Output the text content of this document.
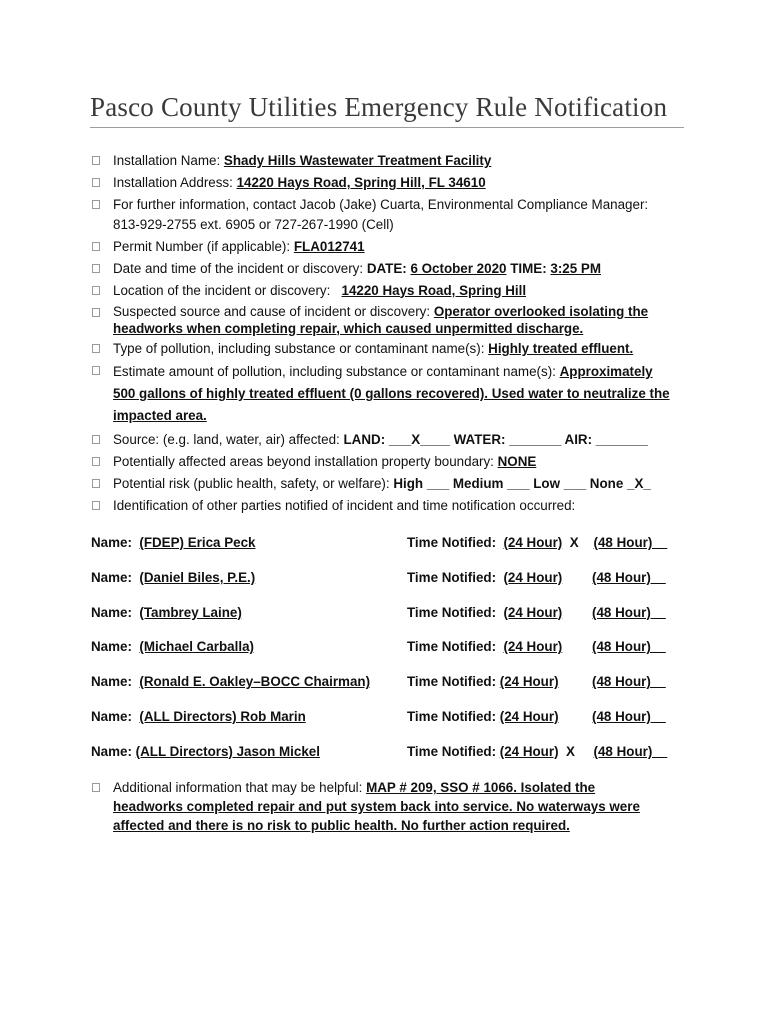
Pasco County Utilities Emergency Rule Notification
Installation Name: Shady Hills Wastewater Treatment Facility
Installation Address: 14220 Hays Road, Spring Hill, FL 34610
For further information, contact Jacob (Jake) Cuarta, Environmental Compliance Manager:
813-929-2755 ext. 6905 or 727-267-1990 (Cell)
Permit Number (if applicable): FLA012741
Date and time of the incident or discovery: DATE: 6 October 2020 TIME: 3:25 PM
Location of the incident or discovery:   14220 Hays Road, Spring Hill
Suspected source and cause of incident or discovery: Operator overlooked isolating the
headworks when completing repair, which caused unpermitted discharge.
Type of pollution, including substance or contaminant name(s): Highly treated effluent.
Estimate amount of pollution, including substance or contaminant name(s): Approximately
500 gallons of highly treated effluent (0 gallons recovered). Used water to neutralize the
impacted area.
Source: (e.g. land, water, air) affected: LAND: ___X____ WATER: _______ AIR: _______
Potentially affected areas beyond installation property boundary: NONE
Potential risk (public health, safety, or welfare): High ___ Medium ___ Low ___ None _X_
Identification of other parties notified of incident and time notification occurred:
Name:  (FDEP) Erica Peck	Time Notified:  (24 Hour)  X    (48 Hour)__
Name:  (Daniel Biles, P.E.)	Time Notified:  (24 Hour) (48 Hour)__
Name:  (Tambrey Laine)	Time Notified:  (24 Hour) (48 Hour)__
Name:  (Michael Carballa)	Time Notified:  (24 Hour) (48 Hour)__
Name:  (Ronald E. Oakley–BOCC Chairman)	Time Notified: (24 Hour) (48 Hour)__
Name:  (ALL Directors) Rob Marin	Time Notified: (24 Hour) (48 Hour)__
Name: (ALL Directors) Jason Mickel	Time Notified: (24 Hour)  X     (48 Hour)__
Additional information that may be helpful: MAP # 209, SSO # 1066. Isolated the
headworks completed repair and put system back into service. No waterways were
affected and there is no risk to public health. No further action required.
